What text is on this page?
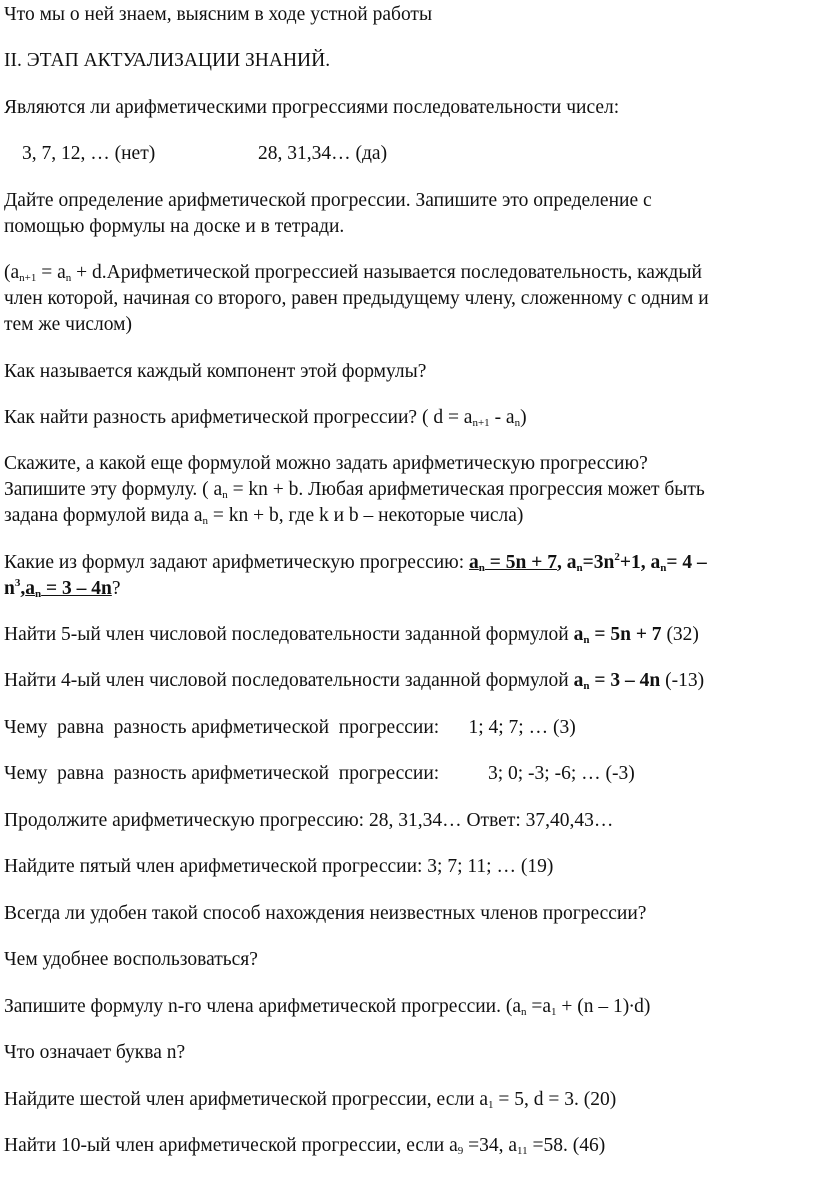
Что мы о ней знаем, выясним в ходе устной работы
II. ЭТАП АКТУАЛИЗАЦИИ ЗНАНИЙ.
Являются ли арифметическими прогрессиями последовательности чисел:
3, 7, 12, … (нет)	28, 31,34… (да)
Дайте определение арифметической прогрессии. Запишите это определение с
помощью формулы на доске и в тетради.
($a_{n+1} = a_n$ + d.Арифметической прогрессией называется последовательность, каждый
член которой, начиная со второго, равен предыдущему члену, сложенному с одним и
тем же числом)
Как называется каждый компонент этой формулы?
Как найти разность арифметической прогрессии? ( $d = a_{n+1} - a_n$)
Скажите, а какой еще формулой можно задать арифметическую прогрессию?
Запишите эту формулу. ( $a_n$ = kn + b. Любая арифметическая прогрессия может быть
задана формулой вида $a_n$ = kn + b, где k и b – некоторые числа)
Какие из формул задают арифметическую прогрессию: $a_n = 5n + 7$, $a_n=3n^2+1$, $a_n= 4$ –
$n^3,a_n = 3 - 4n$?
Найти 5-ый член числовой последовательности заданной формулой $a_n = 5n + 7$ (32)
Найти 4-ый член числовой последовательности заданной формулой $a_n = 3 - 4n$ (-13)
Чему  равна  разность арифметической  прогрессии:      1; 4; 7; … (3)
Чему  равна  разность арифметической  прогрессии:          3; 0; -3; -6; … (-3)
Продолжите арифметическую прогрессию: 28, 31,34… Ответ: 37,40,43…
Найдите пятый член арифметической прогрессии: 3; 7; 11; … (19)
Всегда ли удобен такой способ нахождения неизвестных членов прогрессии?
Чем удобнее воспользоваться?
Запишите формулу n-го члена арифметической прогрессии. $(a_n =a_1 + (n - 1)\cdot d)$
Что означает буква n?
Найдите шестой член арифметической прогрессии, если $a_1 = 5$, d = 3. (20)
Найти 10-ый член арифметической прогрессии, если $a_9 =34$, $a_{11} =58$. (46)
